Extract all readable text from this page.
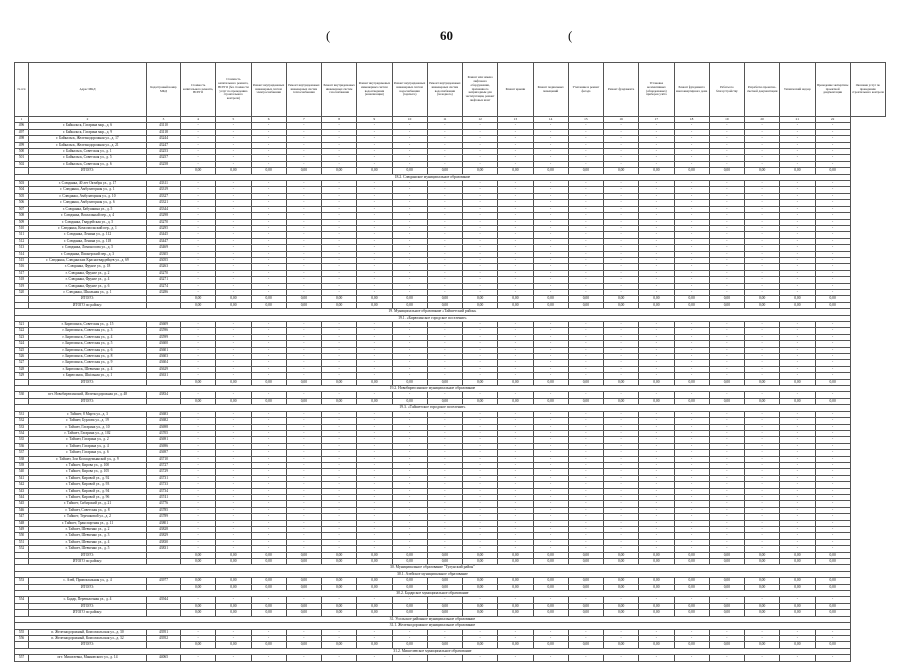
(	60	(
№ п/п	Адрес МКД	Кадастровый номер МКД	Стоимость капитального ремонта, ВСЕГО	Стоимость капитального ремонта, ВСЕГО (без стоимости услуг по проведению строительного контроля)	Ремонт внутридомовых инженерных систем электроснабжения	Ремонт внутридомовых инженерных систем теплоснабжения	Ремонт внутридомовых инженерных систем газоснабжения	Ремонт внутридомовых инженерных систем водоотведения (канализации)	Ремонт внутридомовых инженерных систем водоснабжения (горячего)	Ремонт внутридомовых инженерных систем водоснабжения (холодного)	Ремонт или замена лифтового оборудования, признанного непригодным для эксплуатации, ремонт лифтовых шахт	Ремонт крыши	Ремонт подвальных помещений	Утепление и ремонт фасада	Ремонт фундамента	Установка коллективных (общедомовых) приборов учёта	Ремонт фундамента многоквартирного дома	Работы по благоустройству	Разработка проектно-сметной документации	Технический надзор	Проведение экспертизы проектной документации	Оказание услуг по проведению строительного контроля
1	2	3	4	5	6	7	8	9	10	11	12	13	14	15	16	17	18	19	20	21	22	
496	г. Байкальск, Гагарина мкр., д. 6	43110	-	-	-	-	-	-	-	-	-	-	-	-	-	-	-	-	-	-	-	
497	г. Байкальск, Гагарина мкр., д. 9	43118	-	-	-	-	-	-	-	-	-	-	-	-	-	-	-	-	-	-	-	
498	г. Байкальск, Железнодорожная ул., д. 17	43244	-	-	-	-	-	-	-	-	-	-	-	-	-	-	-	-	-	-	-	
499	г. Байкальск, Железнодорожная ул., д. 21	43247	-	-	-	-	-	-	-	-	-	-	-	-	-	-	-	-	-	-	-	
500	г. Байкальск, Советская ул., д. 1	43253	-	-	-	-	-	-	-	-	-	-	-	-	-	-	-	-	-	-	-	
501	г. Байкальск, Советская ул., д. 5	43257	-	-	-	-	-	-	-	-	-	-	-	-	-	-	-	-	-	-	-	
502	г. Байкальск, Советская ул., д. 6	43258	-	-	-	-	-	-	-	-	-	-	-	-	-	-	-	-	-	-	-	
	ИТОГО:		0,00	0,00	0,00	0,00	0,00	0,00	0,00	0,00	0,00	0,00	0,00	0,00	0,00	0,00	0,00	0,00	0,00	0,00	0,00	
18.2. Слюдянское муниципальное образование																						
503	г. Слюдянка, 40 лет Октября ул., д. 17	43311	-	-	-	-	-	-	-	-	-	-	-	-	-	-	-	-	-	-	-	
504	г. Слюдянка, Амбулаторная ул., д. 1	43319	-	-	-	-	-	-	-	-	-	-	-	-	-	-	-	-	-	-	-	
505	г. Слюдянка, Амбулаторная ул., д. 10	43327	-	-	-	-	-	-	-	-	-	-	-	-	-	-	-	-	-	-	-	
506	г. Слюдянка, Амбулаторная ул., д. 6	43321	-	-	-	-	-	-	-	-	-	-	-	-	-	-	-	-	-	-	-	
507	г. Слюдянка, Бабушкина ул., д. 5	43344	-	-	-	-	-	-	-	-	-	-	-	-	-	-	-	-	-	-	-	
508	г. Слюдянка, Вокзальный пер., д. 4	43298	-	-	-	-	-	-	-	-	-	-	-	-	-	-	-	-	-	-	-	
509	г. Слюдянка, Гвардейская ул., д. 5	43270	-	-	-	-	-	-	-	-	-	-	-	-	-	-	-	-	-	-	-	
510	г. Слюдянка, Комсомольский пер., д. 1	43295	-	-	-	-	-	-	-	-	-	-	-	-	-	-	-	-	-	-	-	
511	г. Слюдянка, Ленина ул., д. 112	43445	-	-	-	-	-	-	-	-	-	-	-	-	-	-	-	-	-	-	-	
512	г. Слюдянка, Ленина ул., д. 118	43447	-	-	-	-	-	-	-	-	-	-	-	-	-	-	-	-	-	-	-	
513	г. Слюдянка, Ломоносова ул., д. 5	43469	-	-	-	-	-	-	-	-	-	-	-	-	-	-	-	-	-	-	-	
514	г. Слюдянка, Пионерский пер., д. 3	43305	-	-	-	-	-	-	-	-	-	-	-	-	-	-	-	-	-	-	-	
515	г. Слюдянка, Слюдянских Красногвардейцев ул., д. 69	43055	-	-	-	-	-	-	-	-	-	-	-	-	-	-	-	-	-	-	-	
516	г. Слюдянка, Фрунзе ул., д. 18	43263	-	-	-	-	-	-	-	-	-	-	-	-	-	-	-	-	-	-	-	
517	г. Слюдянка, Фрунзе ул., д. 2	43270	-	-	-	-	-	-	-	-	-	-	-	-	-	-	-	-	-	-	-	
518	г. Слюдянка, Фрунзе ул., д. 4	43271	-	-	-	-	-	-	-	-	-	-	-	-	-	-	-	-	-	-	-	
519	г. Слюдянка, Фрунзе ул., д. 6	43274	-	-	-	-	-	-	-	-	-	-	-	-	-	-	-	-	-	-	-	
520	г. Слюдянка, Школьная ул., д. 1	43286	-	-	-	-	-	-	-	-	-	-	-	-	-	-	-	-	-	-	-	
	ИТОГО:		0,00	0,00	0,00	0,00	0,00	0,00	0,00	0,00	0,00	0,00	0,00	0,00	0,00	0,00	0,00	0,00	0,00	0,00	0,00	
	ИТОГО по району:		0,00	0,00	0,00	0,00	0,00	0,00	0,00	0,00	0,00	0,00	0,00	0,00	0,00	0,00	0,00	0,00	0,00	0,00	0,00	
19. Муниципальное образование «Тайшетский район»																						
19.1. «Бирюсинское городское поселение»																						
521	г. Бирюсинск, Советская ул., д. 15	43609	-	-	-	-	-	-	-	-	-	-	-	-	-	-	-	-	-	-	-	
522	г. Бирюсинск, Советская ул., д. 3	43596	-	-	-	-	-	-	-	-	-	-	-	-	-	-	-	-	-	-	-	
523	г. Бирюсинск, Советская ул., д. 4	43599	-	-	-	-	-	-	-	-	-	-	-	-	-	-	-	-	-	-	-	
524	г. Бирюсинск, Советская ул., д. 5	43600	-	-	-	-	-	-	-	-	-	-	-	-	-	-	-	-	-	-	-	
525	г. Бирюсинск, Советская ул., д. 6	43601	-	-	-	-	-	-	-	-	-	-	-	-	-	-	-	-	-	-	-	
526	г. Бирюсинск, Советская ул., д. 8	43603	-	-	-	-	-	-	-	-	-	-	-	-	-	-	-	-	-	-	-	
527	г. Бирюсинск, Советская ул., д. 9	43604	-	-	-	-	-	-	-	-	-	-	-	-	-	-	-	-	-	-	-	
528	г. Бирюсинск, Шевченко ул., д. 4	43629	-	-	-	-	-	-	-	-	-	-	-	-	-	-	-	-	-	-	-	
529	г. Бирюсинск, Шкільная ул., д. 1	43631	-	-	-	-	-	-	-	-	-	-	-	-	-	-	-	-	-	-	-	
	ИТОГО:		0,00	0,00	0,00	0,00	0,00	0,00	0,00	0,00	0,00	0,00	0,00	0,00	0,00	0,00	0,00	0,00	0,00	0,00	0,00	
19.2. Новобирюсинское муниципальное образование																						
530	пгт. Новобирюсинский, Железнодорожная ул., д. 48	43834	-	-	-	-	-	-	-	-	-	-	-	-	-	-	-	-	-	-	-	
	ИТОГО:		0,00	0,00	0,00	0,00	0,00	0,00	0,00	0,00	0,00	0,00	0,00	0,00	0,00	0,00	0,00	0,00	0,00	0,00	0,00	
19.3. «Тайшетское городское поселение»																						
531	г. Тайшет, 8 Марта ул., д. 3	43683	-	-	-	-	-	-	-	-	-	-	-	-	-	-	-	-	-	-	-	
532	г. Тайшет, Бурлова ул., д. 19	43682	-	-	-	-	-	-	-	-	-	-	-	-	-	-	-	-	-	-	-	
533	г. Тайшет, Гагарина ул., д. 10	43698	-	-	-	-	-	-	-	-	-	-	-	-	-	-	-	-	-	-	-	
534	г. Тайшет, Гагарина ул., д. 102	43705	-	-	-	-	-	-	-	-	-	-	-	-	-	-	-	-	-	-	-	
535	г. Тайшет, Гагарина ул., д. 2	43691	-	-	-	-	-	-	-	-	-	-	-	-	-	-	-	-	-	-	-	
536	г. Тайшет, Гагарина ул., д. 4	43696	-	-	-	-	-	-	-	-	-	-	-	-	-	-	-	-	-	-	-	
537	г. Тайшет, Гагарина ул., д. 6	43697	-	-	-	-	-	-	-	-	-	-	-	-	-	-	-	-	-	-	-	
538	г. Тайшет, Зои Космодемьянской ул., д. 9	43710	-	-	-	-	-	-	-	-	-	-	-	-	-	-	-	-	-	-	-	
539	г. Тайшет, Кирова ул., д. 100	43727	-	-	-	-	-	-	-	-	-	-	-	-	-	-	-	-	-	-	-	
540	г. Тайшет, Кирова ул., д. 105	43729	-	-	-	-	-	-	-	-	-	-	-	-	-	-	-	-	-	-	-	
541	г. Тайшет, Кировой ул., д. 92	43731	-	-	-	-	-	-	-	-	-	-	-	-	-	-	-	-	-	-	-	
542	г. Тайшет, Кировой ул., д. 93	43733	-	-	-	-	-	-	-	-	-	-	-	-	-	-	-	-	-	-	-	
543	г. Тайшет, Кировой ул., д. 94	43734	-	-	-	-	-	-	-	-	-	-	-	-	-	-	-	-	-	-	-	
544	г. Тайшет, Кировой ул., д. 96	43741	-	-	-	-	-	-	-	-	-	-	-	-	-	-	-	-	-	-	-	
545	г. Тайшет, Сибирский ул., д. 21	43776	-	-	-	-	-	-	-	-	-	-	-	-	-	-	-	-	-	-	-	
546	г. Тайшет, Советская ул., д. 8	43785	-	-	-	-	-	-	-	-	-	-	-	-	-	-	-	-	-	-	-	
547	г. Тайшет, Терешковой ул., д. 2	43789	-	-	-	-	-	-	-	-	-	-	-	-	-	-	-	-	-	-	-	
548	г. Тайшет, Транспортная ул., д. 11	43801	-	-	-	-	-	-	-	-	-	-	-	-	-	-	-	-	-	-	-	
549	г. Тайшет, Шевченко ул., д. 2	43828	-	-	-	-	-	-	-	-	-	-	-	-	-	-	-	-	-	-	-	
550	г. Тайшет, Шевченко ул., д. 3	43829	-	-	-	-	-	-	-	-	-	-	-	-	-	-	-	-	-	-	-	
551	г. Тайшет, Шевченко ул., д. 4	43830	-	-	-	-	-	-	-	-	-	-	-	-	-	-	-	-	-	-	-	
552	г. Тайшет, Шевченко ул., д. 5	43831	-	-	-	-	-	-	-	-	-	-	-	-	-	-	-	-	-	-	-	
	ИТОГО:		0,00	0,00	0,00	0,00	0,00	0,00	0,00	0,00	0,00	0,00	0,00	0,00	0,00	0,00	0,00	0,00	0,00	0,00	0,00	
	ИТОГО по району:		0,00	0,00	0,00	0,00	0,00	0,00	0,00	0,00	0,00	0,00	0,00	0,00	0,00	0,00	0,00	0,00	0,00	0,00	0,00	
30. Муниципальное образование "Тулунский район"																						
30.1. Азейское муниципальное образование																						
553	с. Азей, Привокзальная ул., д. 4	43977	0,00	0,00	0,00	0,00	0,00	0,00	0,00	0,00	0,00	0,00	0,00	0,00	0,00	0,00	0,00	0,00	0,00	0,00	0,00	
	ИТОГО:		0,00	0,00	0,00	0,00	0,00	0,00	0,00	0,00	0,00	0,00	0,00	0,00	0,00	0,00	0,00	0,00	0,00	0,00	0,00	
30.2. Бадарское муниципальное образование																						
554	с. Бадар, Перевалочная ул., д. 4	43944	-	-	-	-	-	-	-	-	-	-	-	-	-	-	-	-	-	-	-	
	ИТОГО:		0,00	0,00	0,00	0,00	0,00	0,00	0,00	0,00	0,00	0,00	0,00	0,00	0,00	0,00	0,00	0,00	0,00	0,00	0,00	
	ИТОГО по району:		0,00	0,00	0,00	0,00	0,00	0,00	0,00	0,00	0,00	0,00	0,00	0,00	0,00	0,00	0,00	0,00	0,00	0,00	0,00	
31. Усольское районное муниципальное образование																						
31.1. Железнодорожное муниципальное образование																						
555	п. Железнодорожный, Комсомольская ул., д. 30	43951	-	-	-	-	-	-	-	-	-	-	-	-	-	-	-	-	-	-	-	
556	п. Железнодорожный, Комсомольская ул., д. 32	43952	-	-	-	-	-	-	-	-	-	-	-	-	-	-	-	-	-	-	-	
	ИТОГО:		0,00	0,00	0,00	0,00	0,00	0,00	0,00	0,00	0,00	0,00	0,00	0,00	0,00	0,00	0,00	0,00	0,00	0,00	0,00	
31.2. Мишелевское муниципальное образование																						
557	пгт. Мишелевка, Маяковского ул., д. 14	44065	-	-	-	-	-	-	-	-	-	-	-	-	-	-	-	-	-	-	-	
